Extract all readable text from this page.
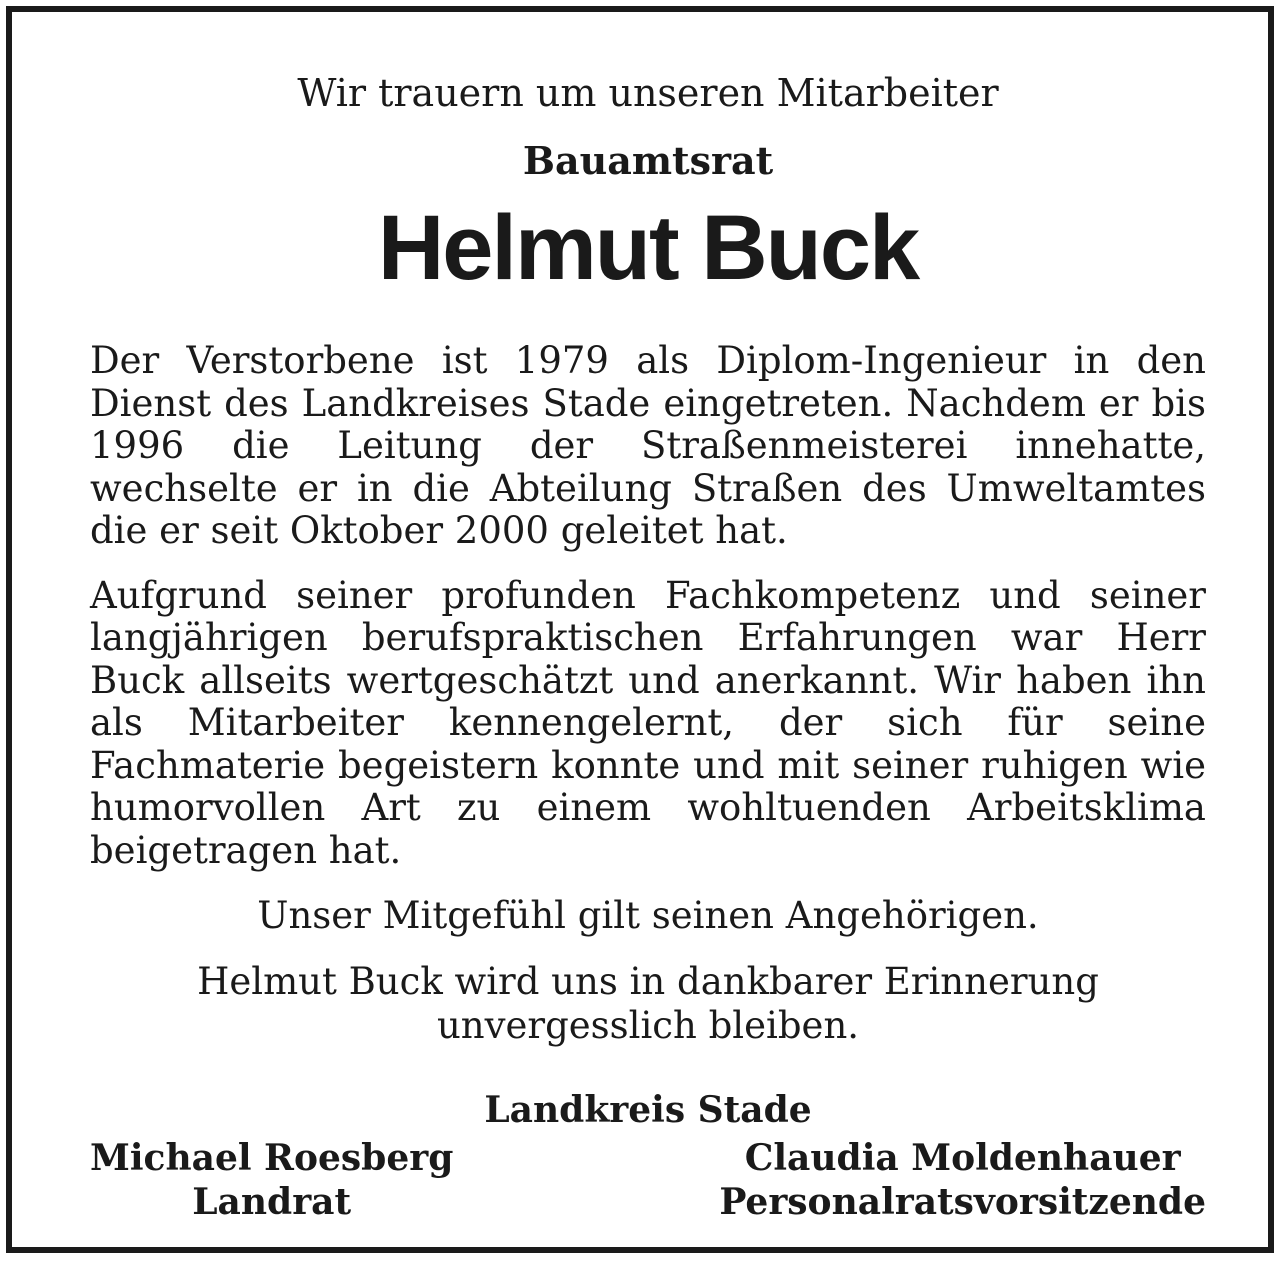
Wir trauern um unseren Mitarbeiter

Bauamtsrat

Helmut Buck

Der Verstorbene ist 1979 als Diplom-Ingenieur in den Dienst des Landkreises Stade eingetreten. Nachdem er bis 1996 die Leitung der Straßenmeisterei innehatte, wechselte er in die Abteilung Straßen des Umweltamtes die er seit Oktober 2000 geleitet hat.

Aufgrund seiner profunden Fachkompetenz und seiner langjährigen berufspraktischen Erfahrungen war Herr Buck allseits wertgeschätzt und anerkannt. Wir haben ihn als Mitarbeiter kennengelernt, der sich für seine Fachmaterie begeistern konnte und mit seiner ruhigen wie humorvollen Art zu einem wohltuenden Arbeitsklima beigetragen hat.

Unser Mitgefühl gilt seinen Angehörigen.

Helmut Buck wird uns in dankbarer Erinnerung

unvergesslich bleiben.

Landkreis Stade

Michael Roesberg
Landrat
Claudia Moldenhauer
Personalratsvorsitzende
